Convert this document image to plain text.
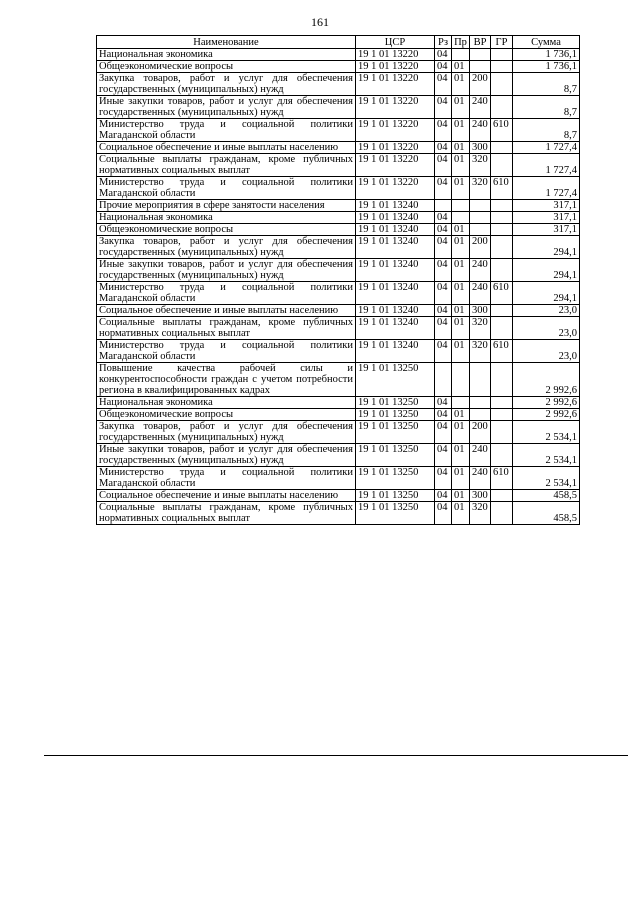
161
Наименование	ЦСР	Рз	Пр	ВР	ГР	Сумма
Национальная экономика	19 1 01 13220	04				1 736,1
Общеэкономические вопросы	19 1 01 13220	04	01			1 736,1
Закупка товаров, работ и услуг для обеспечения государственных (муниципальных) нужд	19 1 01 13220	04	01	200		8,7
Иные закупки товаров, работ и услуг для обеспечения государственных (муниципальных) нужд	19 1 01 13220	04	01	240		8,7
Министерство труда и социальной политики Магаданской области	19 1 01 13220	04	01	240	610	8,7
Социальное обеспечение и иные выплаты населению	19 1 01 13220	04	01	300		1 727,4
Социальные выплаты гражданам, кроме публичных нормативных социальных выплат	19 1 01 13220	04	01	320		1 727,4
Министерство труда и социальной политики Магаданской области	19 1 01 13220	04	01	320	610	1 727,4
Прочие мероприятия в сфере занятости населения	19 1 01 13240					317,1
Национальная экономика	19 1 01 13240	04				317,1
Общеэкономические вопросы	19 1 01 13240	04	01			317,1
Закупка товаров, работ и услуг для обеспечения государственных (муниципальных) нужд	19 1 01 13240	04	01	200		294,1
Иные закупки товаров, работ и услуг для обеспечения государственных (муниципальных) нужд	19 1 01 13240	04	01	240		294,1
Министерство труда и социальной политики Магаданской области	19 1 01 13240	04	01	240	610	294,1
Социальное обеспечение и иные выплаты населению	19 1 01 13240	04	01	300		23,0
Социальные выплаты гражданам, кроме публичных нормативных социальных выплат	19 1 01 13240	04	01	320		23,0
Министерство труда и социальной политики Магаданской области	19 1 01 13240	04	01	320	610	23,0
Повышение качества рабочей силы и конкурентоспособности граждан с учетом потребности региона в квалифицированных кадрах	19 1 01 13250					2 992,6
Национальная экономика	19 1 01 13250	04				2 992,6
Общеэкономические вопросы	19 1 01 13250	04	01			2 992,6
Закупка товаров, работ и услуг для обеспечения государственных (муниципальных) нужд	19 1 01 13250	04	01	200		2 534,1
Иные закупки товаров, работ и услуг для обеспечения государственных (муниципальных) нужд	19 1 01 13250	04	01	240		2 534,1
Министерство труда и социальной политики Магаданской области	19 1 01 13250	04	01	240	610	2 534,1
Социальное обеспечение и иные выплаты населению	19 1 01 13250	04	01	300		458,5
Социальные выплаты гражданам, кроме публичных нормативных социальных выплат	19 1 01 13250	04	01	320		458,5
